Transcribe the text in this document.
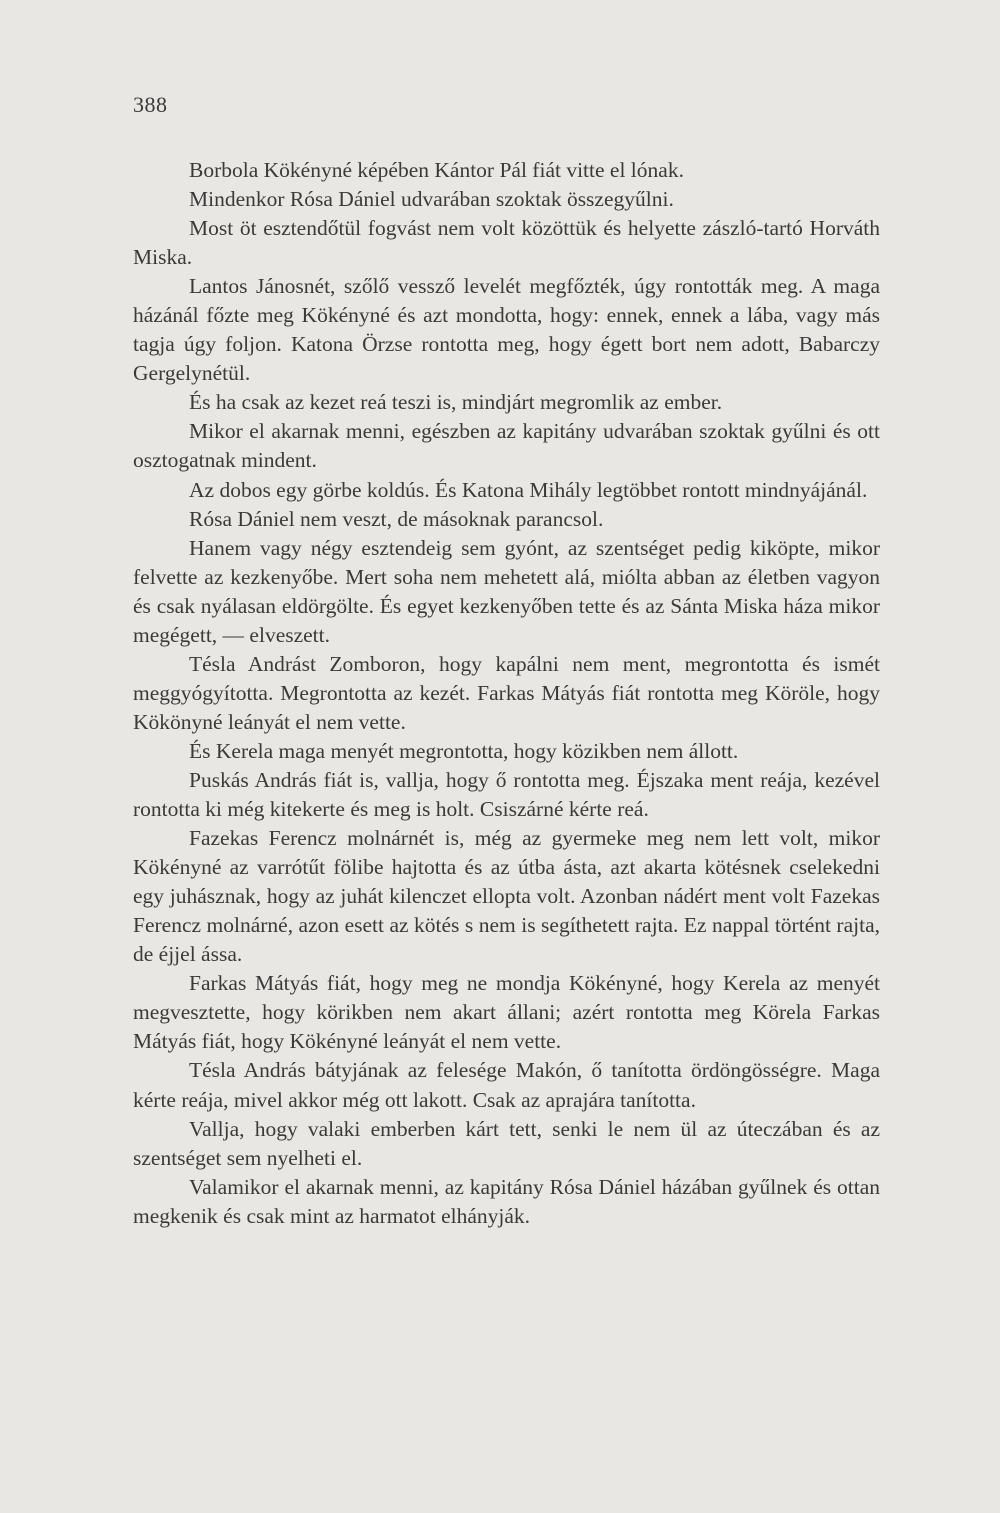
388

Borbola Kökényné képében Kántor Pál fiát vitte el lónak.

Mindenkor Rósa Dániel udvarában szoktak összegyűlni.

Most öt esztendőtül fogvást nem volt közöttük és helyette zászló-tartó Horváth Miska.

Lantos Jánosnét, szőlő vessző levelét megfőzték, úgy rontották meg. A maga házánál főzte meg Kökényné és azt mondotta, hogy: ennek, ennek a lába, vagy más tagja úgy foljon. Katona Örzse rontotta meg, hogy égett bort nem adott, Babarczy Gergelynétül.

És ha csak az kezet reá teszi is, mindjárt megromlik az ember.

Mikor el akarnak menni, egészben az kapitány udvarában szoktak gyűlni és ott osztogatnak mindent.

Az dobos egy görbe koldús. És Katona Mihály legtöbbet rontott mindnyájánál.

Rósa Dániel nem veszt, de másoknak parancsol.

Hanem vagy négy esztendeig sem gyónt, az szentséget pedig kiköpte, mikor felvette az kezkenyőbe. Mert soha nem mehetett alá, miólta abban az életben vagyon és csak nyálasan eldörgölte. És egyet kezkenyőben tette és az Sánta Miska háza mikor megégett, — elveszett.

Tésla Andrást Zomboron, hogy kapálni nem ment, megrontotta és ismét meggyógyította. Megrontotta az kezét. Farkas Mátyás fiát rontotta meg Köröle, hogy Kökönyné leányát el nem vette.

És Kerela maga menyét megrontotta, hogy közikben nem állott.

Puskás András fiát is, vallja, hogy ő rontotta meg. Éjszaka ment reája, kezével rontotta ki még kitekerte és meg is holt. Csiszárné kérte reá.

Fazekas Ferencz molnárnét is, még az gyermeke meg nem lett volt, mikor Kökényné az varrótűt fölibe hajtotta és az útba ásta, azt akarta kötésnek cselekedni egy juhásznak, hogy az juhát kilenczet ellopta volt. Azonban nádért ment volt Fazekas Ferencz molnárné, azon esett az kötés s nem is segíthetett rajta. Ez nappal történt rajta, de éjjel ássa.

Farkas Mátyás fiát, hogy meg ne mondja Kökényné, hogy Kerela az menyét megvesztette, hogy körikben nem akart állani; azért rontotta meg Körela Farkas Mátyás fiát, hogy Kökényné leányát el nem vette.

Tésla András bátyjának az felesége Makón, ő tanította ördöngösségre. Maga kérte reája, mivel akkor még ott lakott. Csak az aprajára tanította.

Vallja, hogy valaki emberben kárt tett, senki le nem ül az úteczában és az szentséget sem nyelheti el.

Valamikor el akarnak menni, az kapitány Rósa Dániel házában gyűlnek és ottan megkenik és csak mint az harmatot elhányják.
